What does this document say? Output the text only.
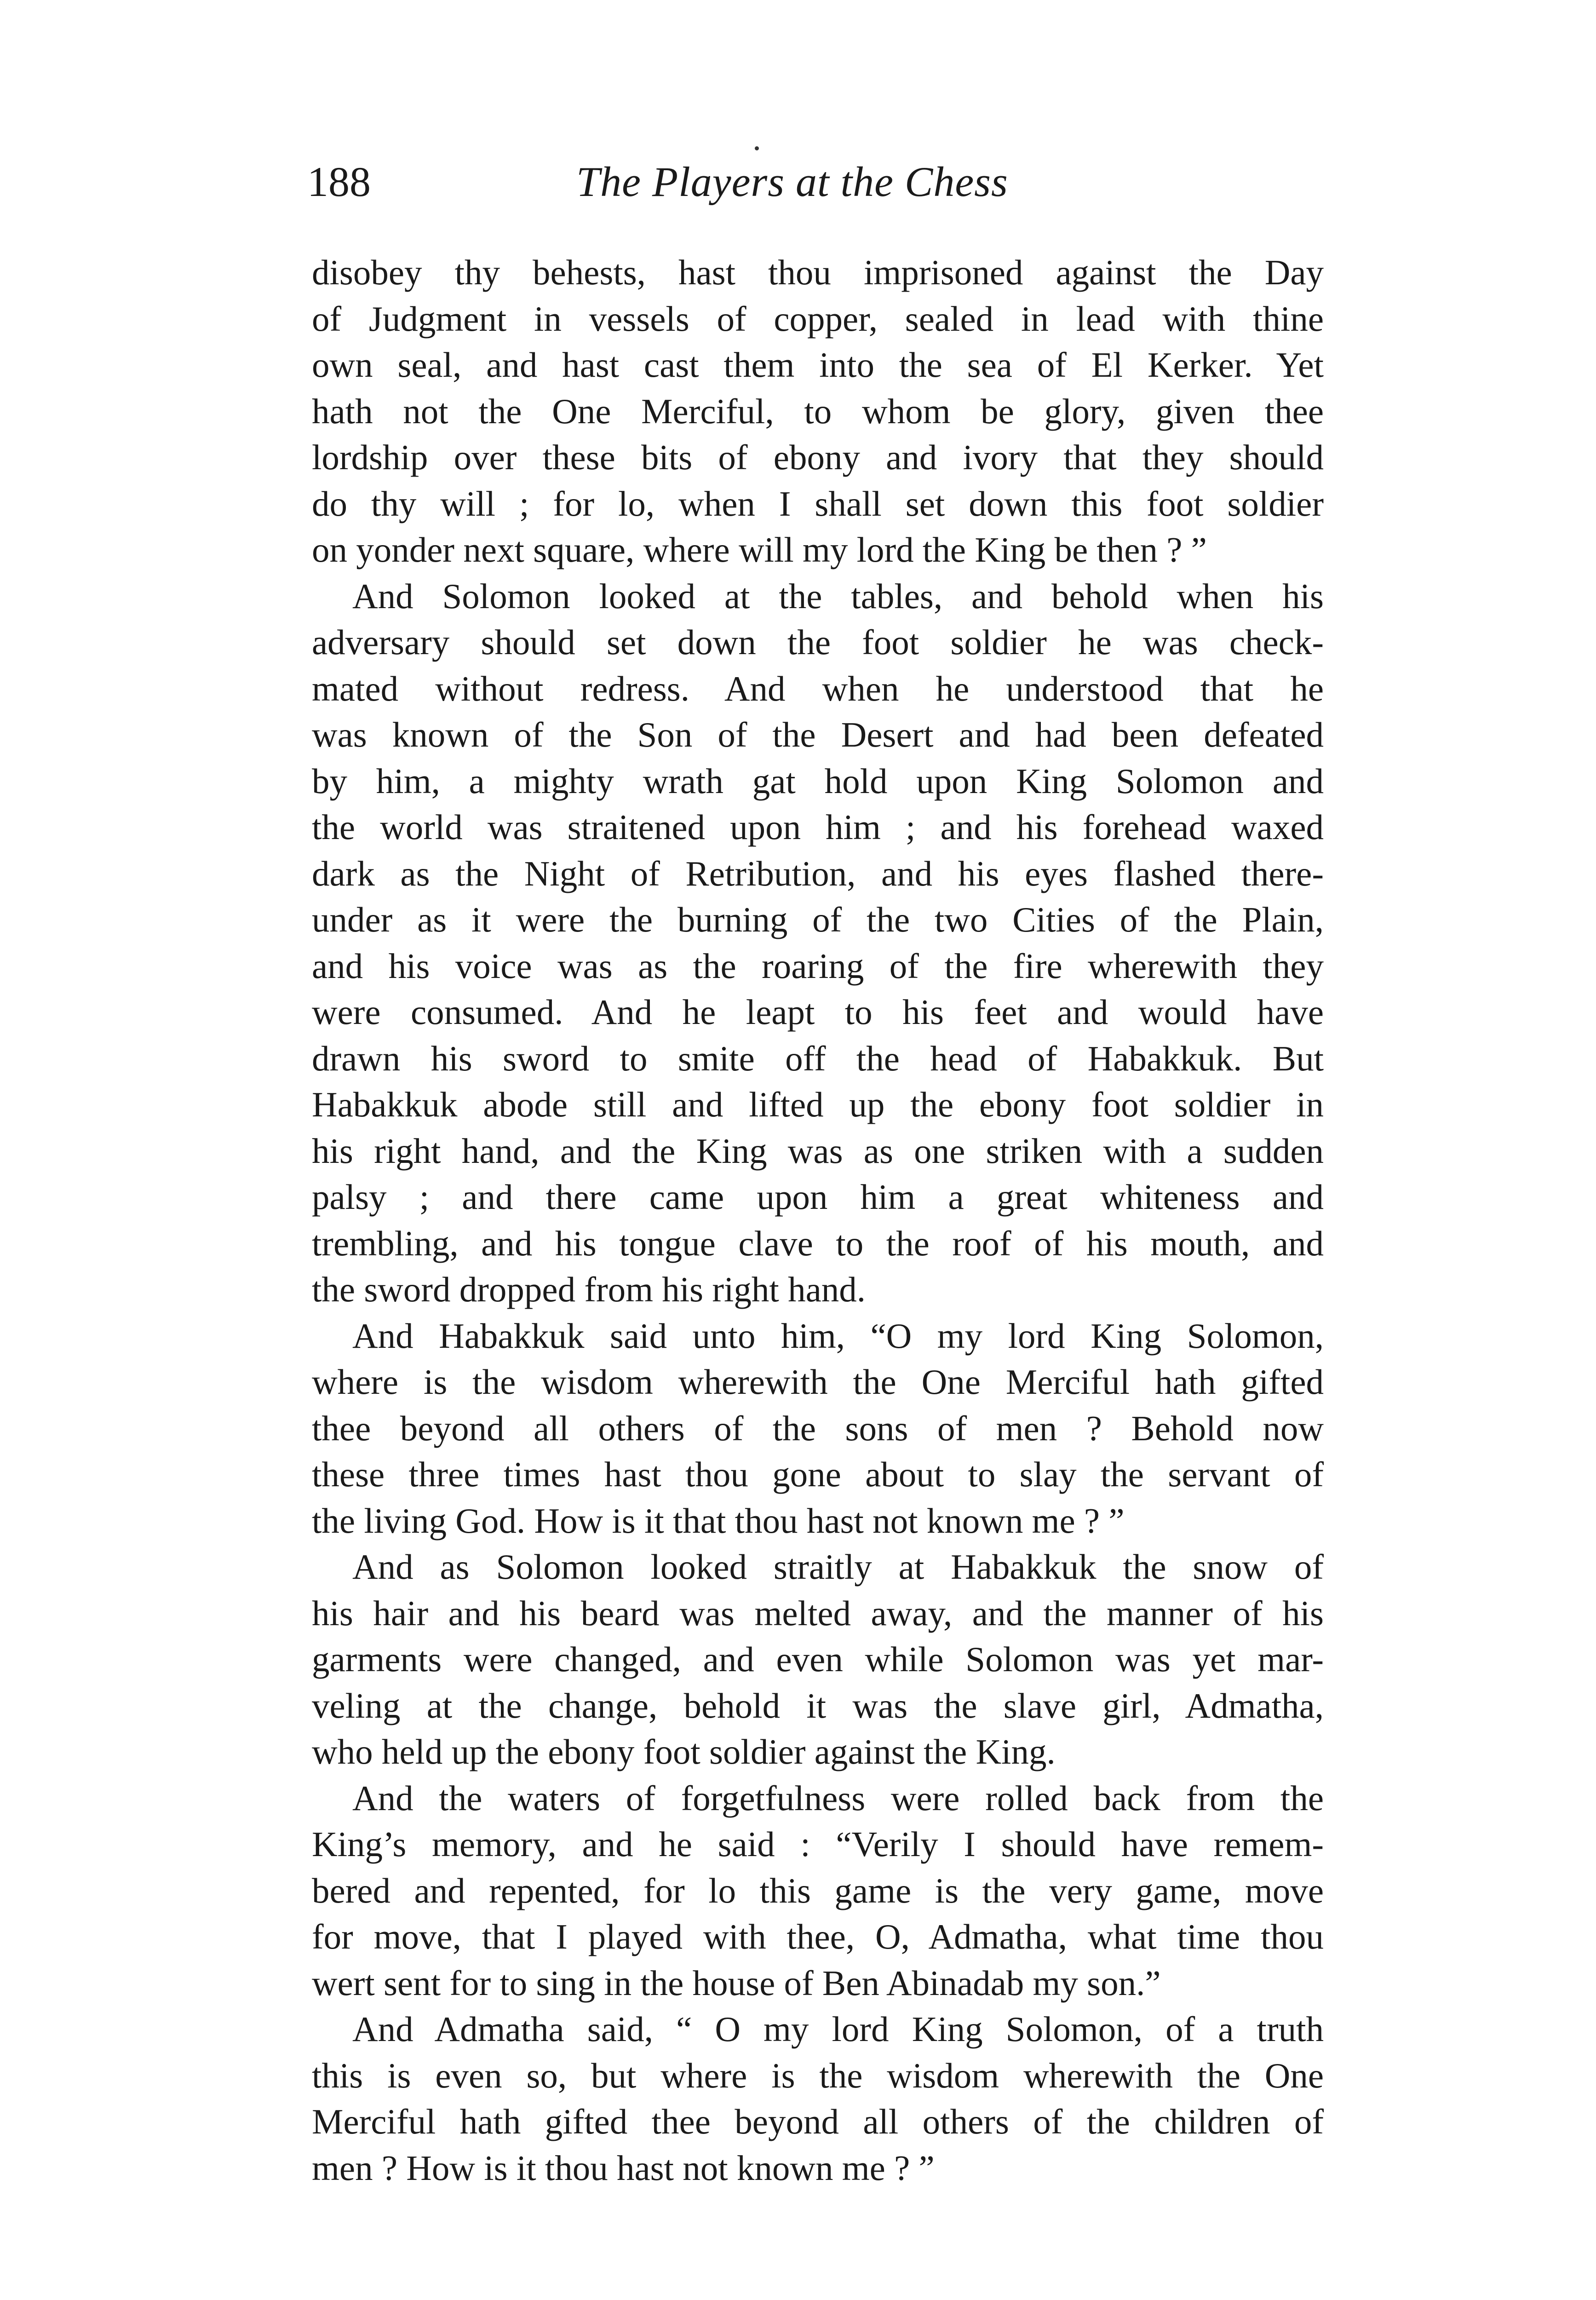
188	The Players at the Chess
disobey thy behests, hast thou imprisoned against the Day
of Judgment in vessels of copper, sealed in lead with thine
own seal, and hast cast them into the sea of El Kerker. Yet
hath not the One Merciful, to whom be glory, given thee
lordship over these bits of ebony and ivory that they should
do thy will ; for lo, when I shall set down this foot soldier
on yonder next square, where will my lord the King be then ? ”
And Solomon looked at the tables, and behold when his
adversary should set down the foot soldier he was check-
mated without redress. And when he understood that he
was known of the Son of the Desert and had been defeated
by him, a mighty wrath gat hold upon King Solomon and
the world was straitened upon him ; and his forehead waxed
dark as the Night of Retribution, and his eyes flashed there-
under as it were the burning of the two Cities of the Plain,
and his voice was as the roaring of the fire wherewith they
were consumed. And he leapt to his feet and would have
drawn his sword to smite off the head of Habakkuk. But
Habakkuk abode still and lifted up the ebony foot soldier in
his right hand, and the King was as one striken with a sudden
palsy ; and there came upon him a great whiteness and
trembling, and his tongue clave to the roof of his mouth, and
the sword dropped from his right hand.
And Habakkuk said unto him, “O my lord King Solomon,
where is the wisdom wherewith the One Merciful hath gifted
thee beyond all others of the sons of men ? Behold now
these three times hast thou gone about to slay the servant of
the living God. How is it that thou hast not known me ? ”
And as Solomon looked straitly at Habakkuk the snow of
his hair and his beard was melted away, and the manner of his
garments were changed, and even while Solomon was yet mar-
veling at the change, behold it was the slave girl, Admatha,
who held up the ebony foot soldier against the King.
And the waters of forgetfulness were rolled back from the
King’s memory, and he said : “Verily I should have remem-
bered and repented, for lo this game is the very game, move
for move, that I played with thee, O, Admatha, what time thou
wert sent for to sing in the house of Ben Abinadab my son.”
And Admatha said, “ O my lord King Solomon, of a truth
this is even so, but where is the wisdom wherewith the One
Merciful hath gifted thee beyond all others of the children of
men ? How is it thou hast not known me ? ”
